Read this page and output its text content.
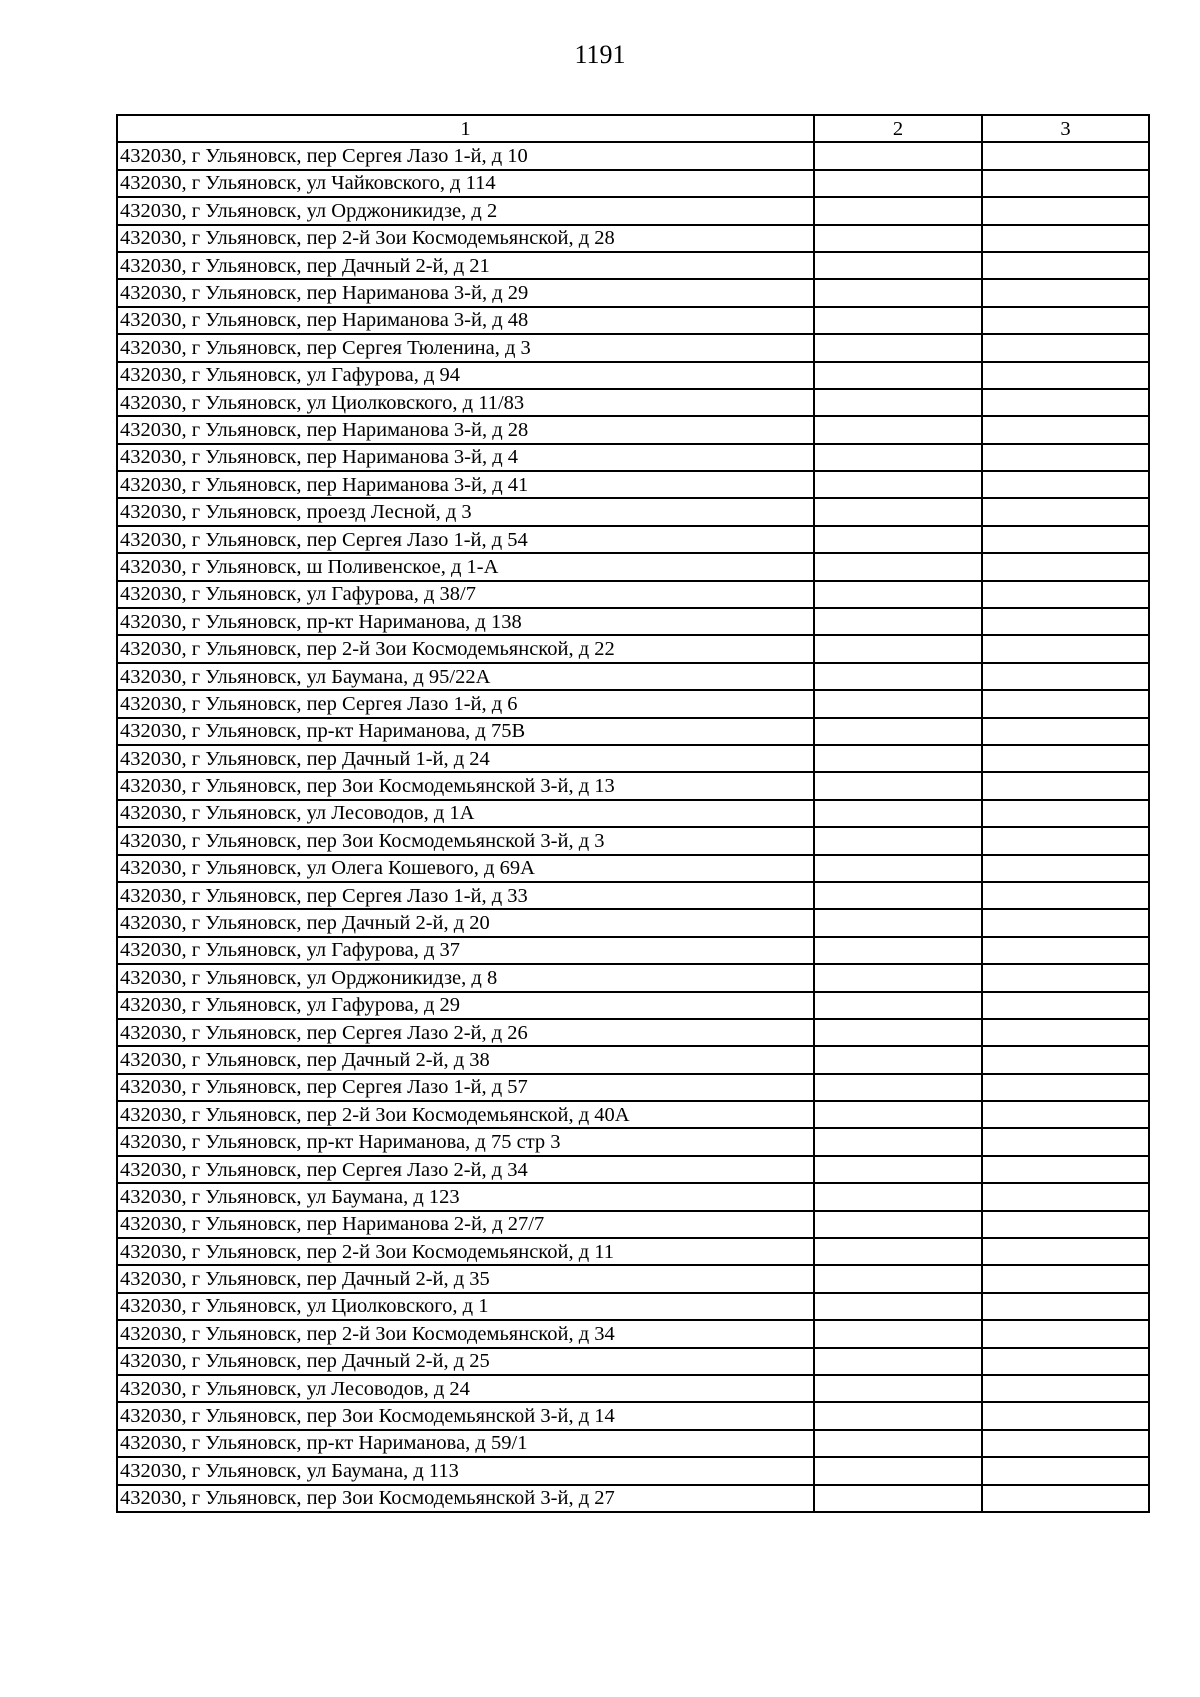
1191
1	2	3
432030, г Ульяновск, пер Сергея Лазо 1-й, д 10		
432030, г Ульяновск, ул Чайковского, д 114		
432030, г Ульяновск, ул Орджоникидзе, д 2		
432030, г Ульяновск, пер 2-й Зои Космодемьянской, д 28		
432030, г Ульяновск, пер Дачный 2-й, д 21		
432030, г Ульяновск, пер Нариманова 3-й, д 29		
432030, г Ульяновск, пер Нариманова 3-й, д 48		
432030, г Ульяновск, пер Сергея Тюленина, д 3		
432030, г Ульяновск, ул Гафурова, д 94		
432030, г Ульяновск, ул Циолковского, д 11/83		
432030, г Ульяновск, пер Нариманова 3-й, д 28		
432030, г Ульяновск, пер Нариманова 3-й, д 4		
432030, г Ульяновск, пер Нариманова 3-й, д 41		
432030, г Ульяновск, проезд Лесной, д 3		
432030, г Ульяновск, пер Сергея Лазо 1-й, д 54		
432030, г Ульяновск, ш Поливенское, д 1-А		
432030, г Ульяновск, ул Гафурова, д 38/7		
432030, г Ульяновск, пр-кт Нариманова, д 138		
432030, г Ульяновск, пер 2-й Зои Космодемьянской, д 22		
432030, г Ульяновск, ул Баумана, д 95/22А		
432030, г Ульяновск, пер Сергея Лазо 1-й, д 6		
432030, г Ульяновск, пр-кт Нариманова, д 75В		
432030, г Ульяновск, пер Дачный 1-й, д 24		
432030, г Ульяновск, пер Зои Космодемьянской 3-й, д 13		
432030, г Ульяновск, ул Лесоводов, д 1А		
432030, г Ульяновск, пер Зои Космодемьянской 3-й, д 3		
432030, г Ульяновск, ул Олега Кошевого, д 69А		
432030, г Ульяновск, пер Сергея Лазо 1-й, д 33		
432030, г Ульяновск, пер Дачный 2-й, д 20		
432030, г Ульяновск, ул Гафурова, д 37		
432030, г Ульяновск, ул Орджоникидзе, д 8		
432030, г Ульяновск, ул Гафурова, д 29		
432030, г Ульяновск, пер Сергея Лазо 2-й, д 26		
432030, г Ульяновск, пер Дачный 2-й, д 38		
432030, г Ульяновск, пер Сергея Лазо 1-й, д 57		
432030, г Ульяновск, пер 2-й Зои Космодемьянской, д 40А		
432030, г Ульяновск, пр-кт Нариманова, д 75 стр 3		
432030, г Ульяновск, пер Сергея Лазо 2-й, д 34		
432030, г Ульяновск, ул Баумана, д 123		
432030, г Ульяновск, пер Нариманова 2-й, д 27/7		
432030, г Ульяновск, пер 2-й Зои Космодемьянской, д 11		
432030, г Ульяновск, пер Дачный 2-й, д 35		
432030, г Ульяновск, ул Циолковского, д 1		
432030, г Ульяновск, пер 2-й Зои Космодемьянской, д 34		
432030, г Ульяновск, пер Дачный 2-й, д 25		
432030, г Ульяновск, ул Лесоводов, д 24		
432030, г Ульяновск, пер Зои Космодемьянской 3-й, д 14		
432030, г Ульяновск, пр-кт Нариманова, д 59/1		
432030, г Ульяновск, ул Баумана, д 113		
432030, г Ульяновск, пер Зои Космодемьянской 3-й, д 27		
